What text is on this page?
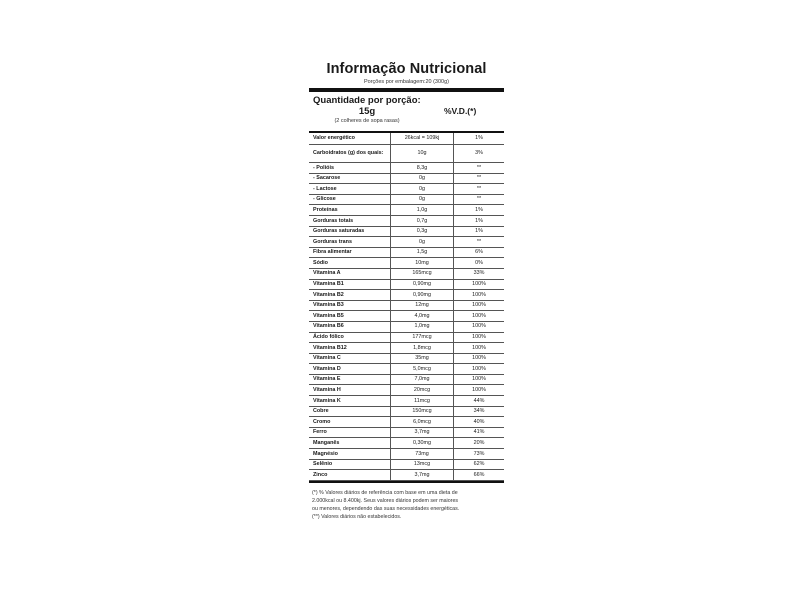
Informação Nutricional
Porções por embalagem:20 (300g)
Quantidade por porção:
15g
(2 colheres de sopa rasas)
%V.D.(*)
Valor energético	26kcal = 109kj	1%
Carboidratos (g) dos quais:	10g	3%
- Polióis	8,3g	**
- Sacarose	0g	**
- Lactose	0g	**
- Glicose	0g	**
Proteínas	1,0g	1%
Gorduras totais	0,7g	1%
Gorduras saturadas	0,3g	1%
Gorduras trans	0g	**
Fibra alimentar	1,5g	6%
Sódio	10mg	0%
Vitamina A	165mcg	33%
Vitamina B1	0,90mg	100%
Vitamina B2	0,90mg	100%
Vitamina B3	12mg	100%
Vitamina B5	4,0mg	100%
Vitamina B6	1,0mg	100%
Ácido fólico	177mcg	100%
Vitamina B12	1,8mcg	100%
Vitamina C	35mg	100%
Vitamina D	5,0mcg	100%
Vitamina E	7,0mg	100%
Vitamina H	20mcg	100%
Vitamina K	11mcg	44%
Cobre	150mcg	34%
Cromo	6,0mcg	40%
Ferro	3,7mg	41%
Manganês	0,30mg	20%
Magnésio	73mg	73%
Selênio	13mcg	62%
Zinco	3,7mg	66%
(*) % Valores diários de referência com base em uma dieta de
2.000kcal ou 8.400kj. Seus valores diários podem ser maiores
ou menores, dependendo das suas necessidades energéticas.
(**) Valores diários não estabelecidos.
